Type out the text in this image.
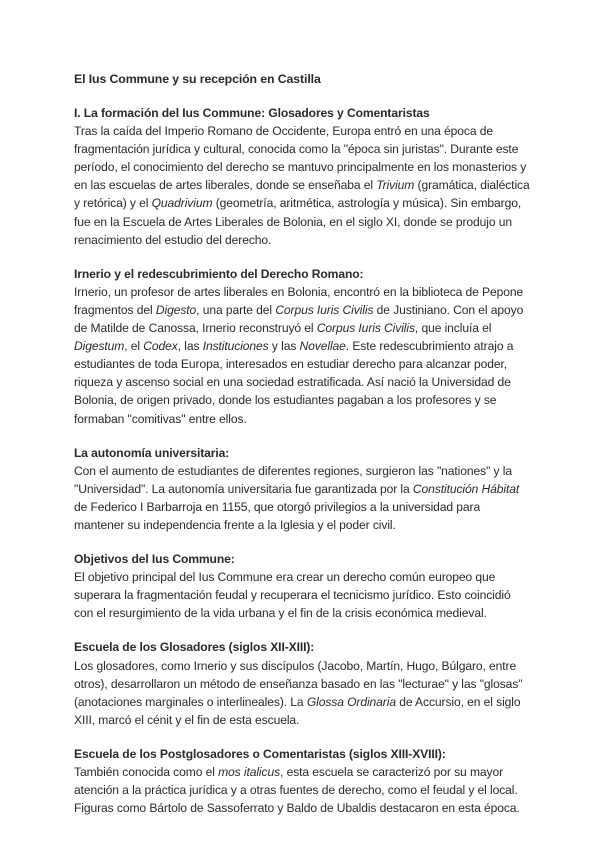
El Ius Commune y su recepción en Castilla
I. La formación del Ius Commune: Glosadores y Comentaristas

Tras la caída del Imperio Romano de Occidente, Europa entró en una época de fragmentación jurídica y cultural, conocida como la "época sin juristas". Durante este período, el conocimiento del derecho se mantuvo principalmente en los monasterios y en las escuelas de artes liberales, donde se enseñaba el Trivium (gramática, dialéctica y retórica) y el Quadrivium (geometría, aritmética, astrología y música). Sin embargo, fue en la Escuela de Artes Liberales de Bolonia, en el siglo XI, donde se produjo un renacimiento del estudio del derecho.

Irnerio y el redescubrimiento del Derecho Romano:

Irnerio, un profesor de artes liberales en Bolonia, encontró en la biblioteca de Pepone fragmentos del Digesto, una parte del Corpus Iuris Civilis de Justiniano. Con el apoyo de Matilde de Canossa, Irnerio reconstruyó el Corpus Iuris Civilis, que incluía el Digestum, el Codex, las Instituciones y las Novellae. Este redescubrimiento atrajo a estudiantes de toda Europa, interesados en estudiar derecho para alcanzar poder, riqueza y ascenso social en una sociedad estratificada. Así nació la Universidad de Bolonia, de origen privado, donde los estudiantes pagaban a los profesores y se formaban "comitivas" entre ellos.

La autonomía universitaria:

Con el aumento de estudiantes de diferentes regiones, surgieron las "nationes" y la "Universidad". La autonomía universitaria fue garantizada por la Constitución Hábitat de Federico I Barbarroja en 1155, que otorgó privilegios a la universidad para mantener su independencia frente a la Iglesia y el poder civil.

Objetivos del Ius Commune:

El objetivo principal del Ius Commune era crear un derecho común europeo que superara la fragmentación feudal y recuperara el tecnicismo jurídico. Esto coincidió con el resurgimiento de la vida urbana y el fin de la crisis económica medieval.

Escuela de los Glosadores (siglos XII-XIII):

Los glosadores, como Irnerio y sus discípulos (Jacobo, Martín, Hugo, Búlgaro, entre otros), desarrollaron un método de enseñanza basado en las "lecturae" y las "glosas" (anotaciones marginales o interlineales). La Glossa Ordinaria de Accursio, en el siglo XIII, marcó el cénit y el fin de esta escuela.

Escuela de los Postglosadores o Comentaristas (siglos XIII-XVIII):

También conocida como el mos italicus, esta escuela se caracterizó por su mayor atención a la práctica jurídica y a otras fuentes de derecho, como el feudal y el local. Figuras como Bártolo de Sassoferrato y Baldo de Ubaldis destacaron en esta época.
